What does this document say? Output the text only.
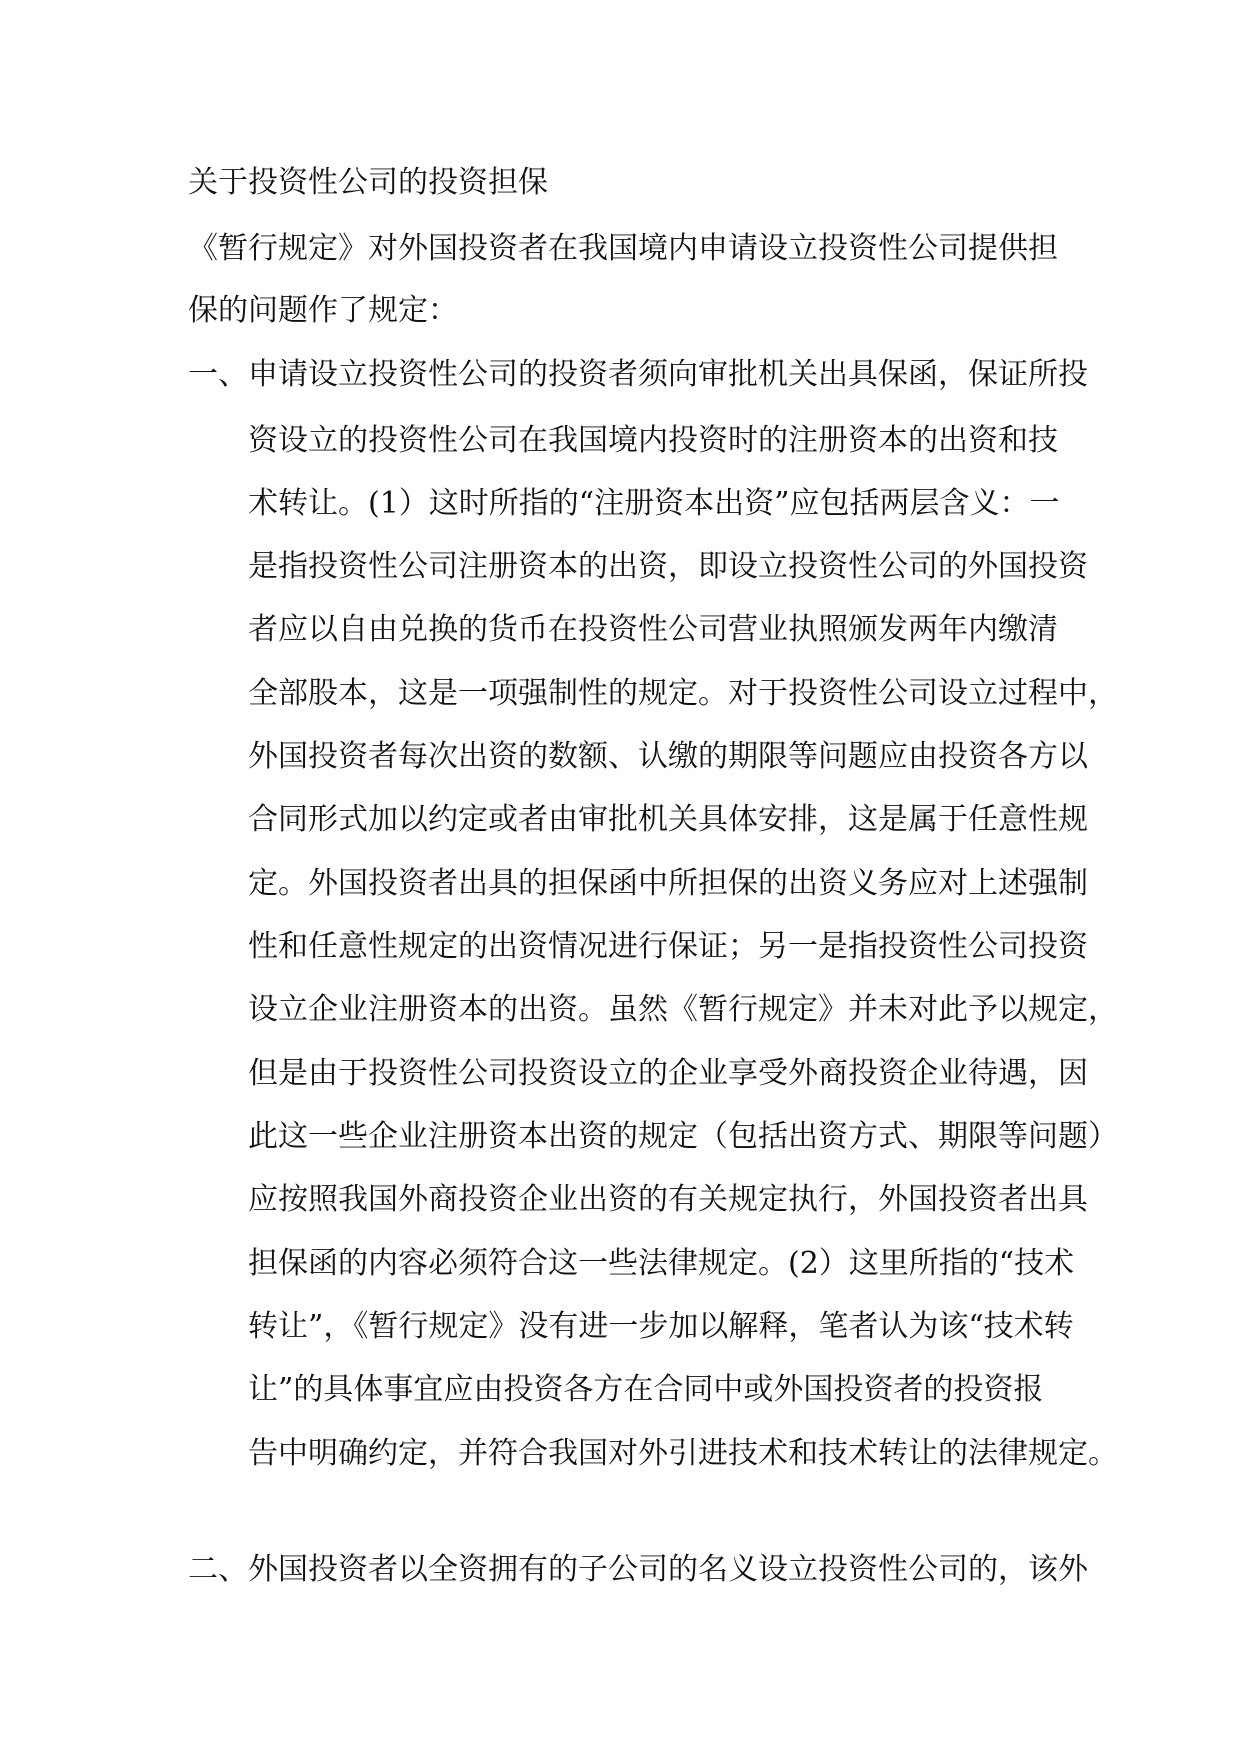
关于投资性公司的投资担保
《暂行规定》对外国投资者在我国境内申请设立投资性公司提供担
保的问题作了规定：
一、申请设立投资性公司的投资者须向审批机关出具保函，保证所投
资设立的投资性公司在我国境内投资时的注册资本的出资和技
术转让。(1）这时所指的“注册资本出资”应包括两层含义：一
是指投资性公司注册资本的出资，即设立投资性公司的外国投资
者应以自由兑换的货币在投资性公司营业执照颁发两年内缴清
全部股本，这是一项强制性的规定。对于投资性公司设立过程中，
外国投资者每次出资的数额、认缴的期限等问题应由投资各方以
合同形式加以约定或者由审批机关具体安排，这是属于任意性规
定。外国投资者出具的担保函中所担保的出资义务应对上述强制
性和任意性规定的出资情况进行保证；另一是指投资性公司投资
设立企业注册资本的出资。虽然《暂行规定》并未对此予以规定，
但是由于投资性公司投资设立的企业享受外商投资企业待遇，因
此这一些企业注册资本出资的规定（包括出资方式、期限等问题）
应按照我国外商投资企业出资的有关规定执行，外国投资者出具
担保函的内容必须符合这一些法律规定。(2）这里所指的“技术
转让”，《暂行规定》没有进一步加以解释，笔者认为该“技术转
让”的具体事宜应由投资各方在合同中或外国投资者的投资报
告中明确约定，并符合我国对外引进技术和技术转让的法律规定。
二、外国投资者以全资拥有的子公司的名义设立投资性公司的，该外
